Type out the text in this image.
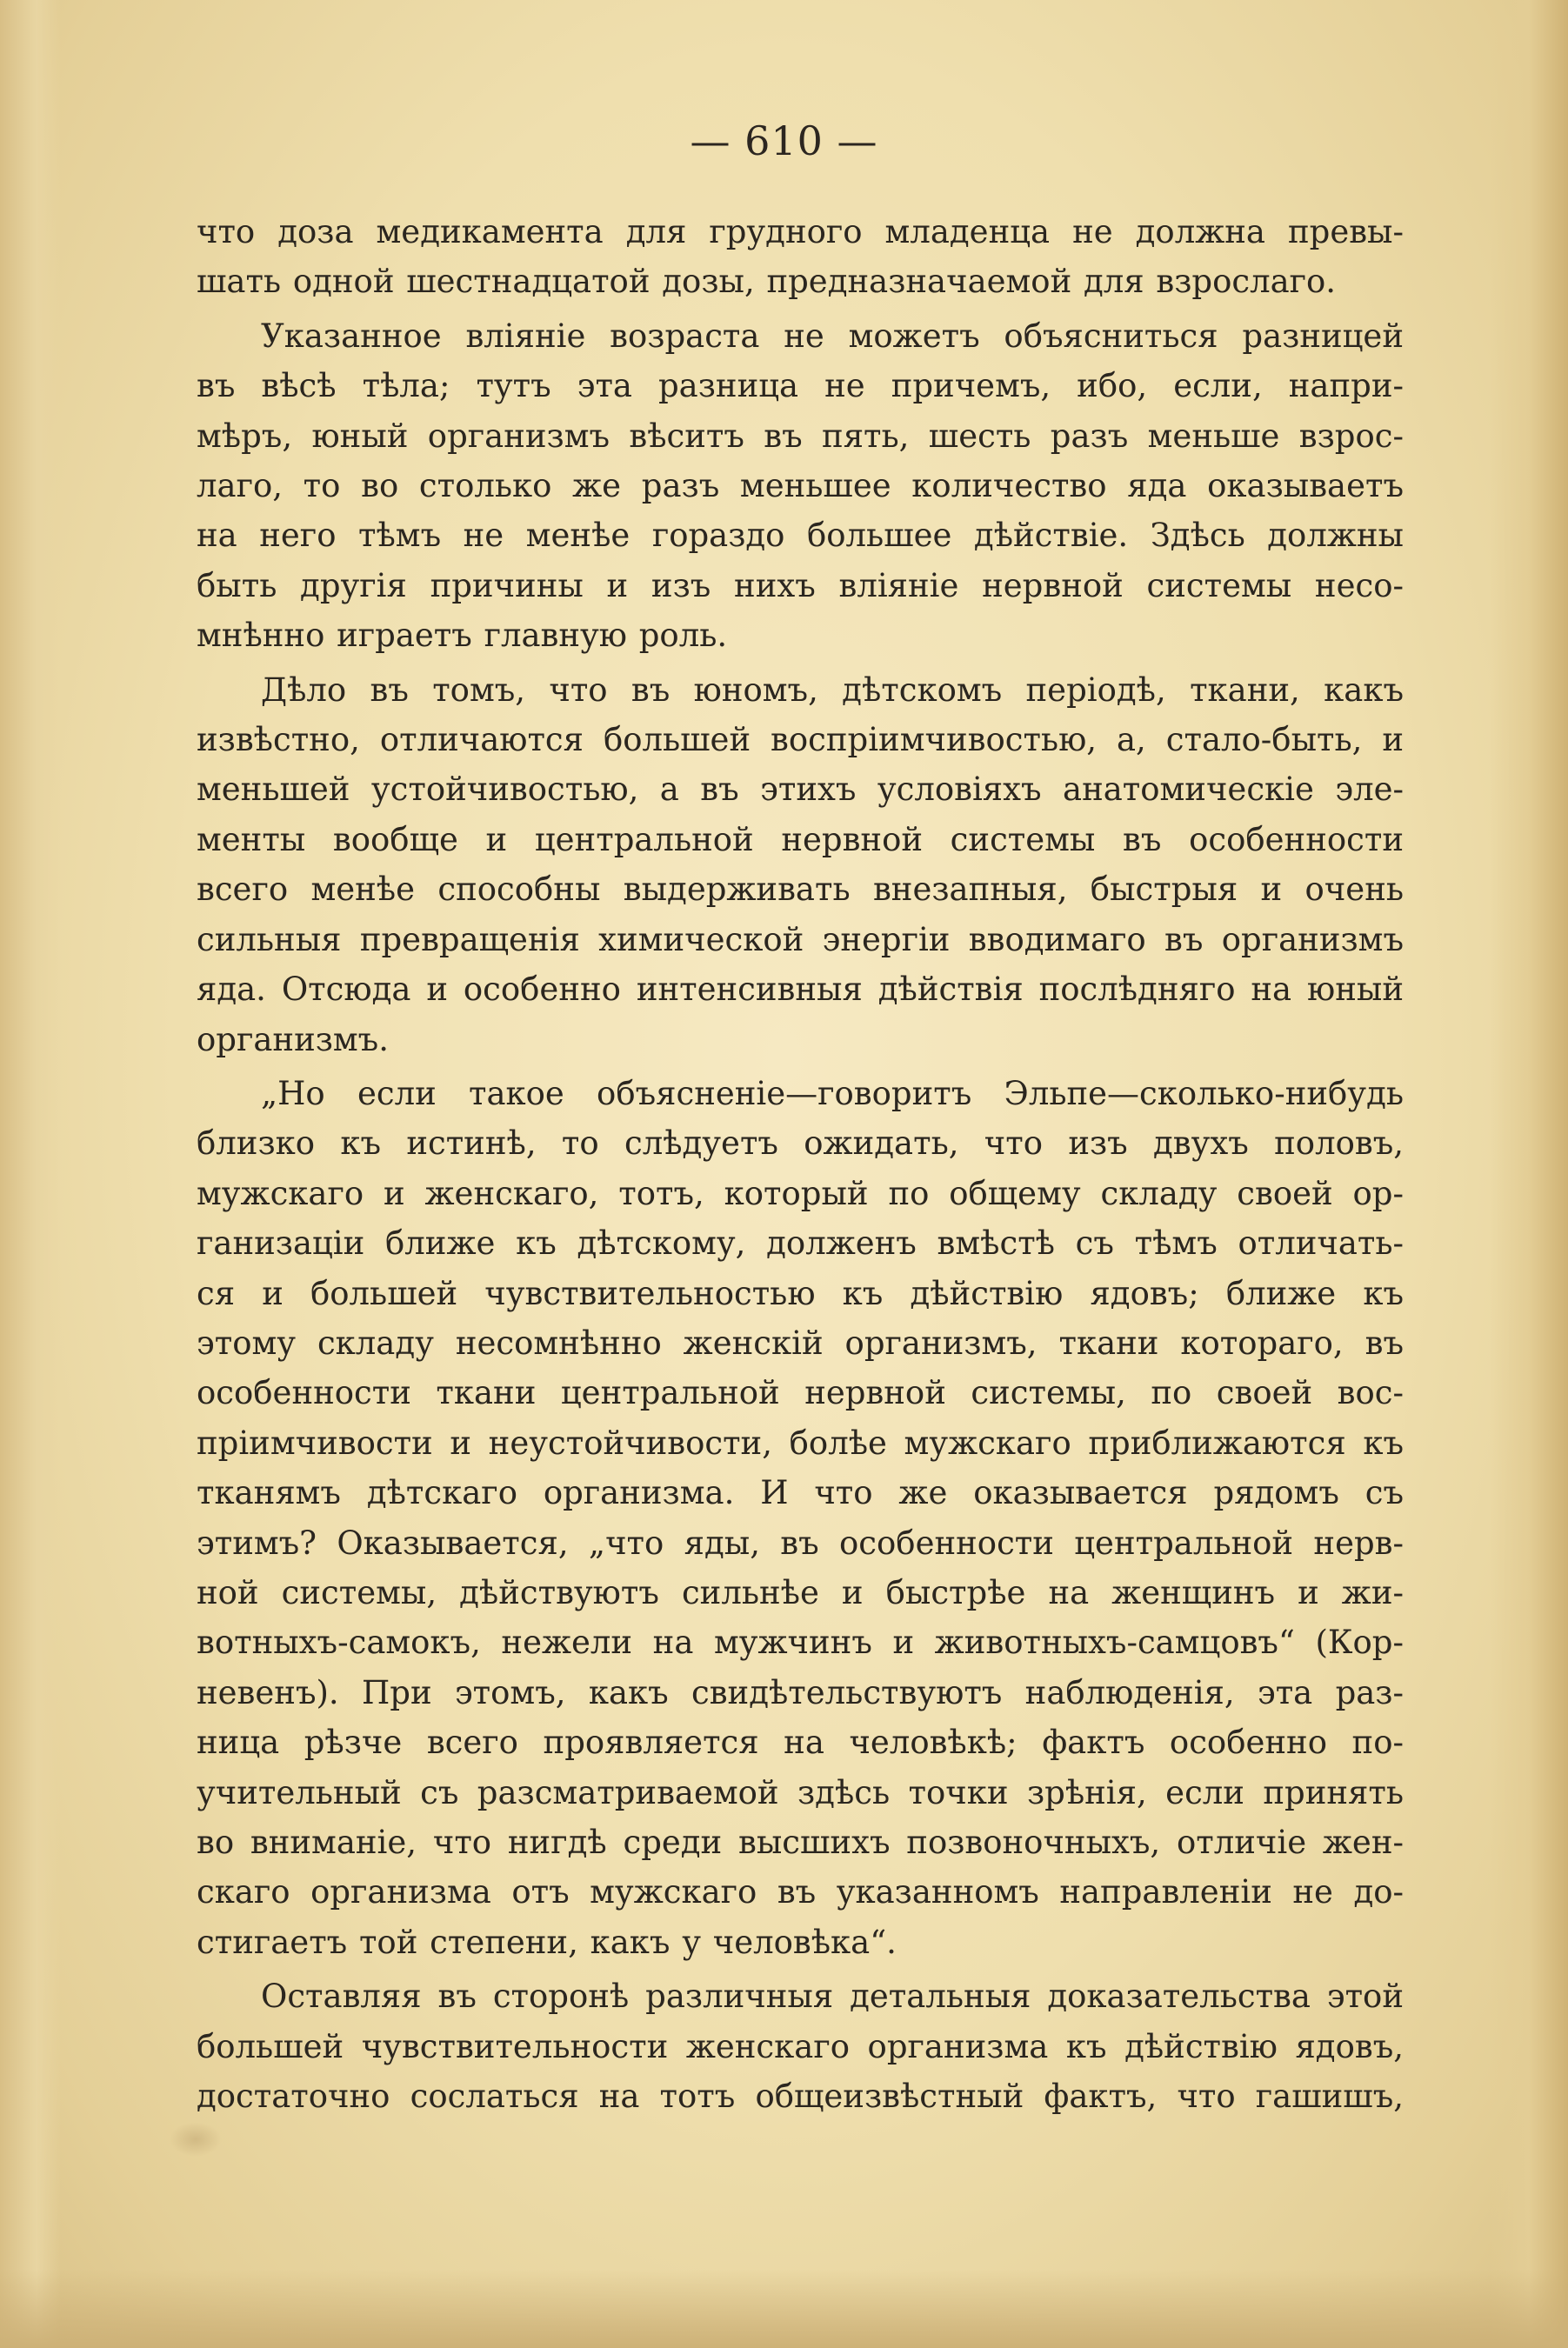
— 610 —
что доза медикамента для грудного младенца не должна превы-
шать одной шестнадцатой дозы, предназначаемой для взрослаго.
Указанное вліяніе возраста не можетъ объясниться разницей
въ вѣсѣ тѣла; тутъ эта разница не причемъ, ибо, если, напри-
мѣръ, юный организмъ вѣситъ въ пять, шесть разъ меньше взрос-
лаго, то во столько же разъ меньшее количество яда оказываетъ
на него тѣмъ не менѣе гораздо большее дѣйствіе. Здѣсь должны
быть другія причины и изъ нихъ вліяніе нервной системы несо-
мнѣнно играетъ главную роль.
Дѣло въ томъ, что въ юномъ, дѣтскомъ періодѣ, ткани, какъ
извѣстно, отличаются большей воспріимчивостью, а, стало-быть, и
меньшей устойчивостью, а въ этихъ условіяхъ анатомическіе эле-
менты вообще и центральной нервной системы въ особенности
всего менѣе способны выдерживать внезапныя, быстрыя и очень
сильныя превращенія химической энергіи вводимаго въ организмъ
яда. Отсюда и особенно интенсивныя дѣйствія послѣдняго на юный
организмъ.
„Но если такое объясненіе—говоритъ Эльпе—сколько-нибудь
близко къ истинѣ, то слѣдуетъ ожидать, что изъ двухъ половъ,
мужскаго и женскаго, тотъ, который по общему складу своей ор-
ганизаціи ближе къ дѣтскому, долженъ вмѣстѣ съ тѣмъ отличать-
ся и большей чувствительностью къ дѣйствію ядовъ; ближе къ
этому складу несомнѣнно женскій организмъ, ткани котораго, въ
особенности ткани центральной нервной системы, по своей вос-
пріимчивости и неустойчивости, болѣе мужскаго приближаются къ
тканямъ дѣтскаго организма. И что же оказывается рядомъ съ
этимъ? Оказывается, „что яды, въ особенности центральной нерв-
ной системы, дѣйствуютъ сильнѣе и быстрѣе на женщинъ и жи-
вотныхъ-самокъ, нежели на мужчинъ и животныхъ-самцовъ“ (Кор-
невенъ). При этомъ, какъ свидѣтельствуютъ наблюденія, эта раз-
ница рѣзче всего проявляется на человѣкѣ; фактъ особенно по-
учительный съ разсматриваемой здѣсь точки зрѣнія, если принять
во вниманіе, что нигдѣ среди высшихъ позвоночныхъ, отличіе жен-
скаго организма отъ мужскаго въ указанномъ направленіи не до-
стигаетъ той степени, какъ у человѣка“.
Оставляя въ сторонѣ различныя детальныя доказательства этой
большей чувствительности женскаго организма къ дѣйствію ядовъ,
достаточно сослаться на тотъ общеизвѣстный фактъ, что гашишъ,
